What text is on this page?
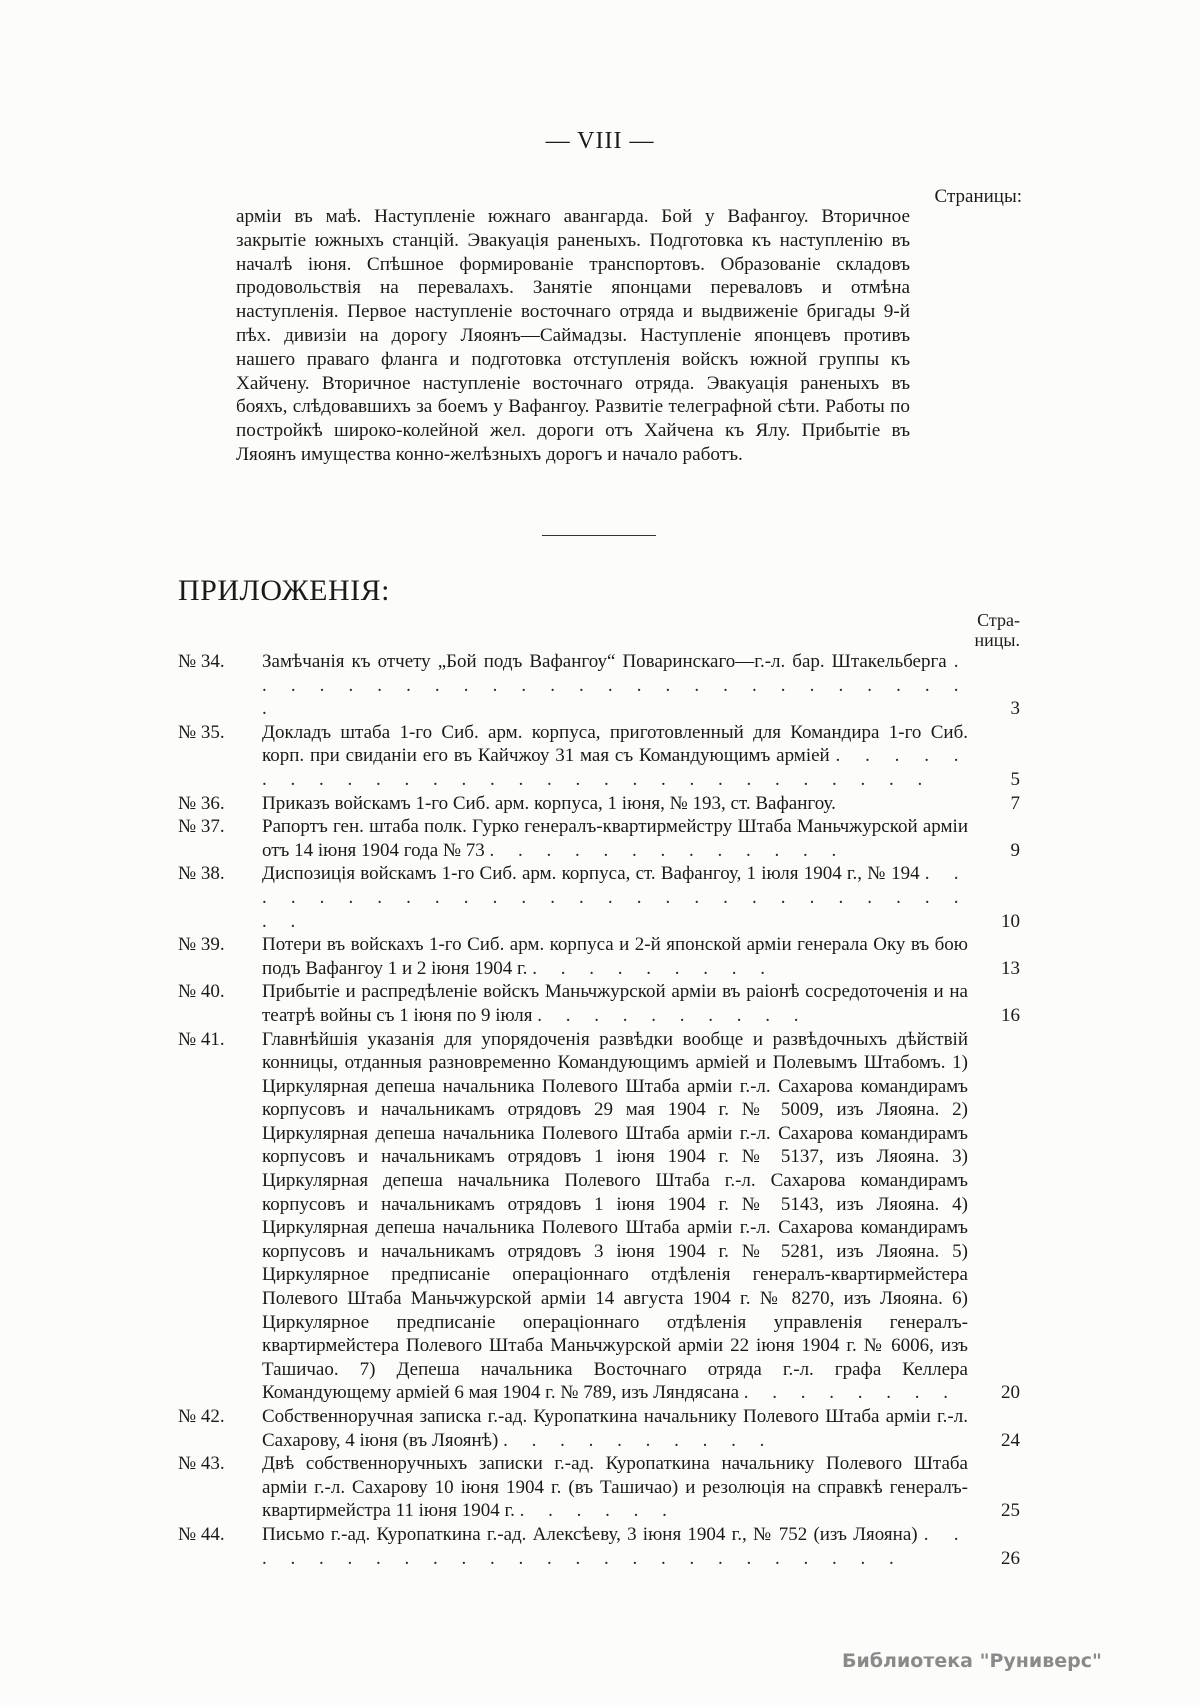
— VIII —
Страницы:
арміи въ маѣ. Наступленіе южнаго авангарда. Бой у Вафангоу. Вторичное закрытіе южныхъ станцій. Эвакуація раненыхъ. Подготовка къ наступленію въ началѣ іюня. Спѣшное формированіе транспортовъ. Образованіе складовъ продовольствія на перевалахъ. Занятіе японцами переваловъ и отмѣна наступленія. Первое наступленіе восточнаго отряда и выдвиженіе бригады 9-й пѣх. дивизіи на дорогу Ляоянъ—Саймадзы. Наступленіе японцевъ противъ нашего праваго фланга и подготовка отступленія войскъ южной группы къ Хайчену. Вторичное наступленіе восточнаго отряда. Эвакуація раненыхъ въ бояхъ, слѣдовавшихъ за боемъ у Вафангоу. Развитіе телеграфной сѣти. Работы по постройкѣ широко-колейной жел. дороги отъ Хайчена къ Ялу. Прибытіе въ Ляоянъ имущества конно-желѣзныхъ дорогъ и начало работъ.
ПРИЛОЖЕНІЯ:
Стра-
ницы.
№ 34.	Замѣчанія къ отчету „Бой подъ Вафангоу“ Поваринскаго—г.-л. бар. Штакельберга . . . . . . . . . . . . . . . . . . . . . . . . . . .	3
№ 35.	Докладъ штаба 1-го Сиб. арм. корпуса, приготовленный для Командира 1-го Сиб. корп. при свиданіи его въ Кайчжоу 31 мая съ Командующимъ арміей . . . . . . . . . . . . . . . . . . . . . . . . . . . . .	5
№ 36.	Приказъ войскамъ 1-го Сиб. арм. корпуса, 1 іюня, № 193, ст. Вафангоу.	7
№ 37.	Рапортъ ген. штаба полк. Гурко генералъ-квартирмейстру Штаба Маньчжурской арміи отъ 14 іюня 1904 года № 73 . . . . . . . . . . . . .	9
№ 38.	Диспозиція войскамъ 1-го Сиб. арм. корпуса, ст. Вафангоу, 1 іюля 1904 г., № 194 . . . . . . . . . . . . . . . . . . . . . . . . . . . . .	10
№ 39.	Потери въ войскахъ 1-го Сиб. арм. корпуса и 2-й японской арміи генерала Оку въ бою подъ Вафангоу 1 и 2 іюня 1904 г. . . . . . . . . .	13
№ 40.	Прибытіе и распредѣленіе войскъ Маньчжурской арміи въ раіонѣ сосредоточенія и на театрѣ войны съ 1 іюня по 9 іюля . . . . . . . . . .	16
№ 41.	Главнѣйшія указанія для упорядоченія развѣдки вообще и развѣдочныхъ дѣйствій конницы, отданныя разновременно Командующимъ арміей и Полевымъ Штабомъ. 1) Циркулярная депеша начальника Полевого Штаба арміи г.-л. Сахарова командирамъ корпусовъ и начальникамъ отрядовъ 29 мая 1904 г. № 5009, изъ Ляояна. 2) Циркулярная депеша начальника Полевого Штаба арміи г.-л. Сахарова командирамъ корпусовъ и начальникамъ отрядовъ 1 іюня 1904 г. № 5137, изъ Ляояна. 3) Циркулярная депеша начальника Полевого Штаба г.-л. Сахарова командирамъ корпусовъ и начальникамъ отрядовъ 1 іюня 1904 г. № 5143, изъ Ляояна. 4) Циркулярная депеша начальника Полевого Штаба арміи г.-л. Сахарова командирамъ корпусовъ и начальникамъ отрядовъ 3 іюня 1904 г. № 5281, изъ Ляояна. 5) Циркулярное предписаніе операціоннаго отдѣленія генералъ-квартирмейстера Полевого Штаба Маньчжурской арміи 14 августа 1904 г. № 8270, изъ Ляояна. 6) Циркулярное предписаніе операціоннаго отдѣленія управленія генералъ-квартирмейстера Полевого Штаба Маньчжурской арміи 22 іюня 1904 г. № 6006, изъ Ташичао. 7) Депеша начальника Восточнаго отряда г.-л. графа Келлера Командующему арміей 6 мая 1904 г. № 789, изъ Ляндясана . . . . . . . .	20
№ 42.	Собственноручная записка г.-ад. Куропаткина начальнику Полевого Штаба арміи г.-л. Сахарову, 4 іюня (въ Ляоянѣ) . . . . . . . . . .	24
№ 43.	Двѣ собственноручныхъ записки г.-ад. Куропаткина начальнику Полевого Штаба арміи г.-л. Сахарову 10 іюня 1904 г. (въ Ташичао) и резолюція на справкѣ генералъ-квартирмейстра 11 іюня 1904 г. . . . . . .	25
№ 44.	Письмо г.-ад. Куропаткина г.-ад. Алексѣеву, 3 іюня 1904 г., № 752 (изъ Ляояна) . . . . . . . . . . . . . . . . . . . . . . . . .	26
Библиотека "Руниверс"
